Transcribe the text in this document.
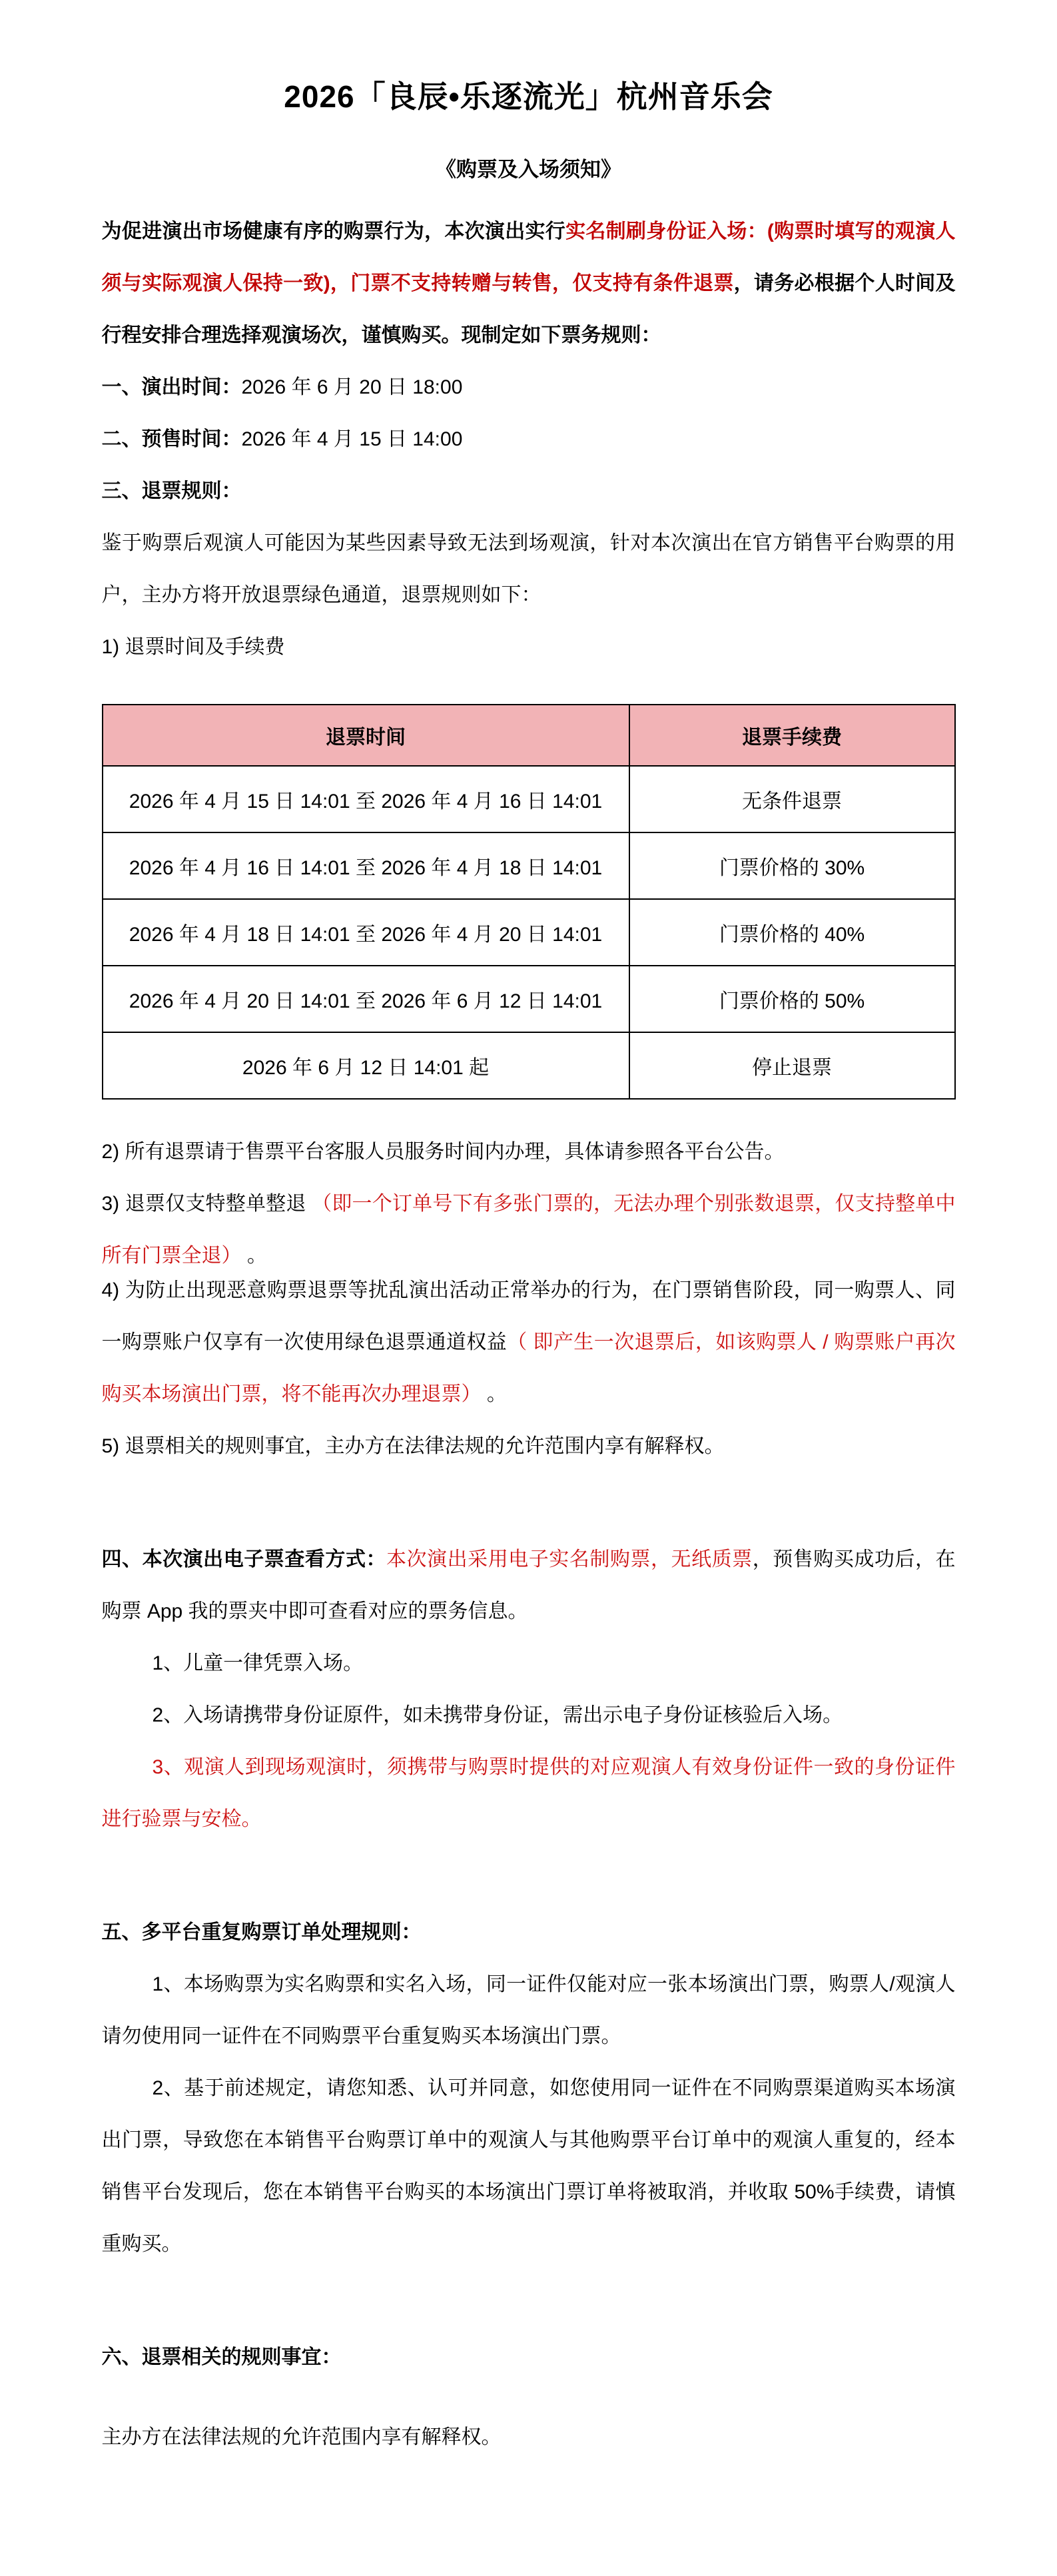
2026「良辰•乐逐流光」杭州音乐会
《购票及入场须知》

为促进演出市场健康有序的购票行为，本次演出实行实名制刷身份证入场：(购票时填写的观演人须与实际观演人保持一致)，门票不支持转赠与转售，仅支持有条件退票，请务必根据个人时间及行程安排合理选择观演场次，谨慎购买。现制定如下票务规则：

一、演出时间：2026 年 6 月 20 日 18:00

二、预售时间：2026 年 4 月 15 日 14:00

三、退票规则：

鉴于购票后观演人可能因为某些因素导致无法到场观演，针对本次演出在官方销售平台购票的用户，主办方将开放退票绿色通道，退票规则如下：

1) 退票时间及手续费

退票时间	退票手续费
2026 年 4 月 15 日 14:01 至 2026 年 4 月 16 日 14:01	无条件退票
2026 年 4 月 16 日 14:01 至 2026 年 4 月 18 日 14:01	门票价格的 30%
2026 年 4 月 18 日 14:01 至 2026 年 4 月 20 日 14:01	门票价格的 40%
2026 年 4 月 20 日 14:01 至 2026 年 6 月 12 日 14:01	门票价格的 50%
2026 年 6 月 12 日 14:01 起	停止退票

2) 所有退票请于售票平台客服人员服务时间内办理，具体请参照各平台公告。

3) 退票仅支特整单整退 （即一个订单号下有多张门票的，无法办理个别张数退票，仅支持整单中所有门票全退） 。

4) 为防止出现恶意购票退票等扰乱演出活动正常举办的行为，在门票销售阶段，同一购票人、同一购票账户仅享有一次使用绿色退票通道权益（ 即产生一次退票后，如该购票人 / 购票账户再次购买本场演出门票，将不能再次办理退票） 。

5) 退票相关的规则事宜，主办方在法律法规的允许范围内享有解释权。

四、本次演出电子票查看方式：本次演出采用电子实名制购票，无纸质票，预售购买成功后，在购票 App 我的票夹中即可查看对应的票务信息。

1、儿童一律凭票入场。

2、入场请携带身份证原件，如未携带身份证，需出示电子身份证核验后入场。

3、观演人到现场观演时，须携带与购票时提供的对应观演人有效身份证件一致的身份证件进行验票与安检。

五、多平台重复购票订单处理规则：

1、本场购票为实名购票和实名入场，同一证件仅能对应一张本场演出门票，购票人/观演人请勿使用同一证件在不同购票平台重复购买本场演出门票。

2、基于前述规定，请您知悉、认可并同意，如您使用同一证件在不同购票渠道购买本场演出门票，导致您在本销售平台购票订单中的观演人与其他购票平台订单中的观演人重复的，经本销售平台发现后，您在本销售平台购买的本场演出门票订单将被取消，并收取 50%手续费，请慎重购买。

六、退票相关的规则事宜：

主办方在法律法规的允许范围内享有解释权。
